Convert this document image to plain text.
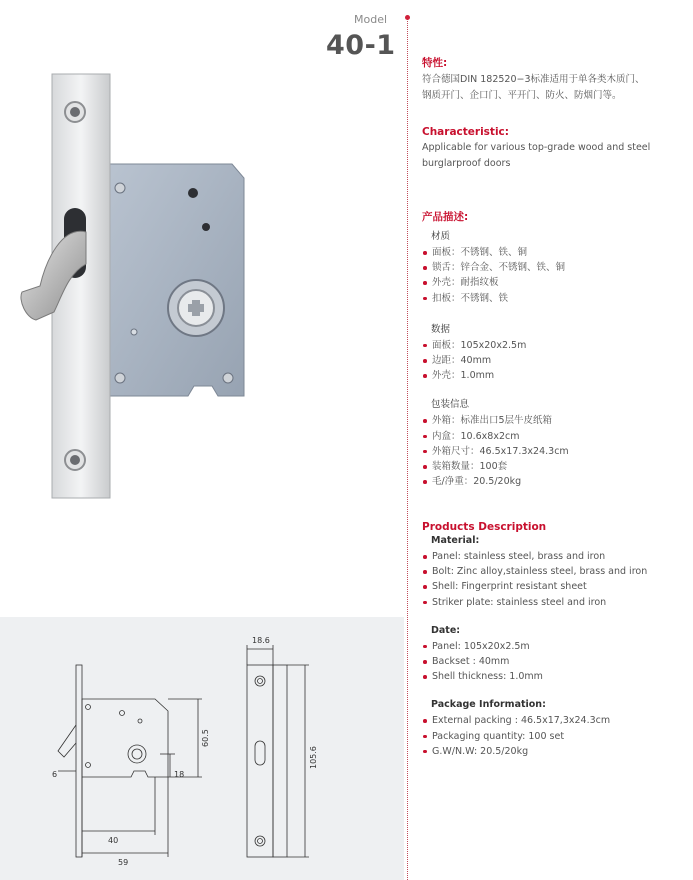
Model
40-1
40
59
60.5
18
6
18.6
105.6
特性:
符合德国DIN 182520−3标准适用于单各类木质门、
钢质开门、企口门、平开门、防火、防烟门等。
Characteristic:
Applicable for various top-grade wood and steel
burglarproof doors
产品描述:
材质
面板：不锈钢、铁、铜
锁舌：锌合金、不锈钢、铁、铜
外壳：耐指纹板
扣板：不锈钢、铁
数据
面板：105x20x2.5m
边距：40mm
外壳：1.0mm
包装信息
外箱：标准出口5层牛皮纸箱
内盒：10.6x8x2cm
外箱尺寸：46.5x17.3x24.3cm
装箱数量：100套
毛/净重：20.5/20kg
Products Description
Material:
Panel: stainless steel, brass and iron
Bolt: Zinc alloy,stainless steel, brass and iron
Shell: Fingerprint resistant sheet
Striker plate: stainless steel and iron
Date:
Panel: 105x20x2.5m
Backset : 40mm
Shell thickness: 1.0mm
Package Information:
External packing : 46.5x17,3x24.3cm
Packaging quantity: 100 set
G.W/N.W: 20.5/20kg
